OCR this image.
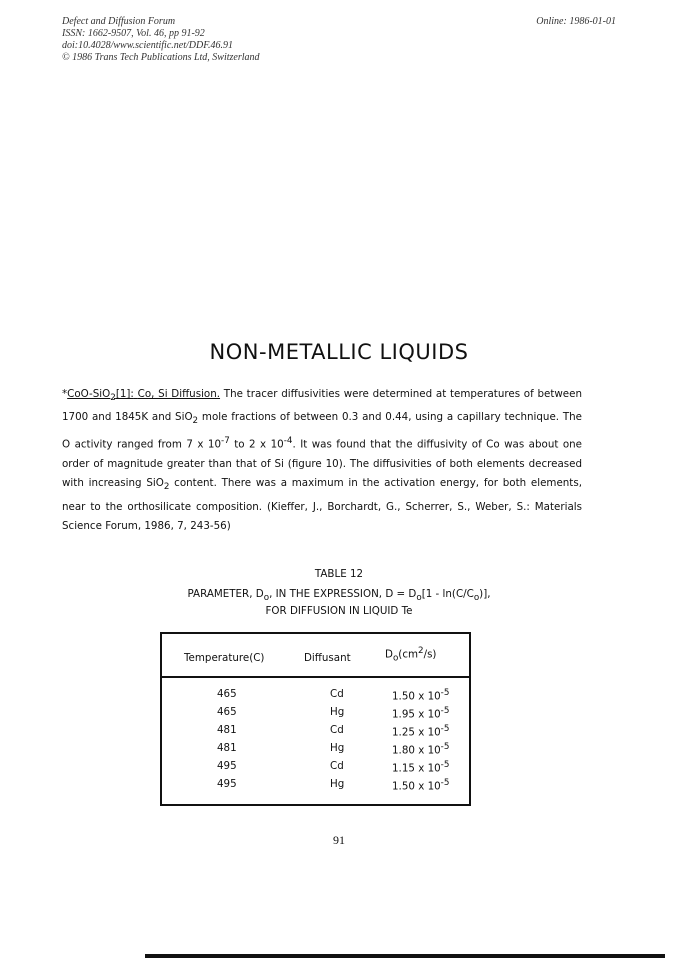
Defect and Diffusion Forum
ISSN: 1662-9507, Vol. 46, pp 91-92
doi:10.4028/www.scientific.net/DDF.46.91
© 1986 Trans Tech Publications Ltd, Switzerland
Online: 1986-01-01
NON-METALLIC LIQUIDS
*CoO-SiO$_2$[1]: Co, Si Diffusion. The tracer diffusivities were determined at temperatures of between 1700 and 1845K and SiO$_2$ mole fractions of between 0.3 and 0.44, using a capillary technique. The O activity ranged from 7 x $10^{-7}$ to 2 x $10^{-4}$. It was found that the diffusivity of Co was about one order of magnitude greater than that of Si (figure 10). The diffusivities of both elements decreased with increasing SiO$_2$ content. There was a maximum in the activation energy, for both elements, near to the orthosilicate composition. (Kieffer, J., Borchardt, G., Scherrer, S., Weber, S.: Materials Science Forum, 1986, 7, 243-56)
TABLE 12
PARAMETER, $D_o$, IN THE EXPRESSION, $D = D_o[1 - \ln(C/C_o)]$,
FOR DIFFUSION IN LIQUID Te
Temperature(C)	Diffusant	$D_o(cm^2/s)$
465	Cd	1.50 x $10^{-5}$
465	Hg	1.95 x $10^{-5}$
481	Cd	1.25 x $10^{-5}$
481	Hg	1.80 x $10^{-5}$
495	Cd	1.15 x $10^{-5}$
495	Hg	1.50 x $10^{-5}$
91
